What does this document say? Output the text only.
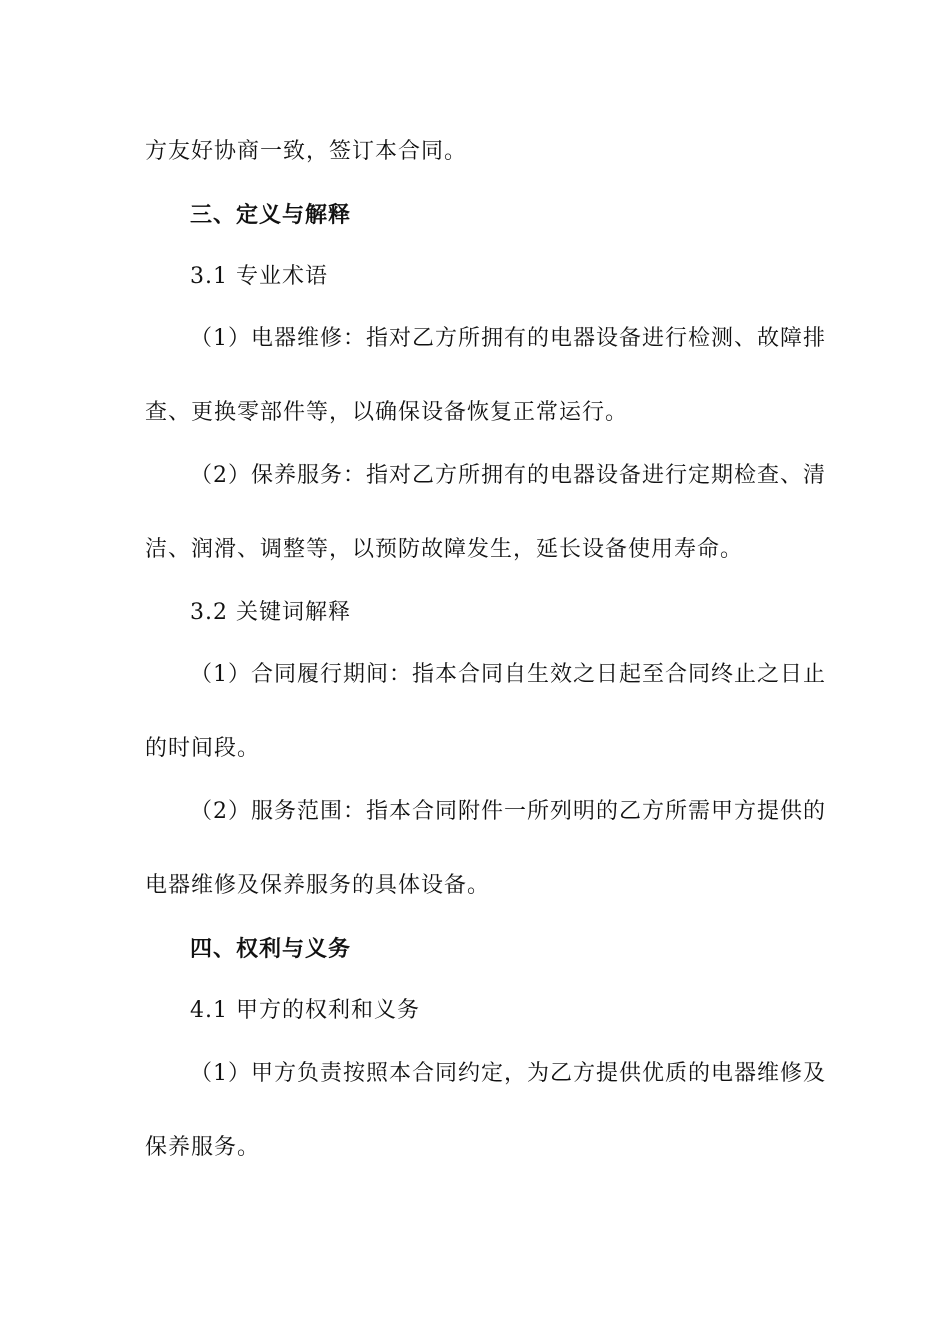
方友好协商一致，签订本合同。
三、定义与解释
3.1 专业术语
（1）电器维修：指对乙方所拥有的电器设备进行检测、故障排
查、更换零部件等，以确保设备恢复正常运行。
（2）保养服务：指对乙方所拥有的电器设备进行定期检查、清
洁、润滑、调整等，以预防故障发生，延长设备使用寿命。
3.2 关键词解释
（1）合同履行期间：指本合同自生效之日起至合同终止之日止
的时间段。
（2）服务范围：指本合同附件一所列明的乙方所需甲方提供的
电器维修及保养服务的具体设备。
四、权利与义务
4.1 甲方的权利和义务
（1）甲方负责按照本合同约定，为乙方提供优质的电器维修及
保养服务。
